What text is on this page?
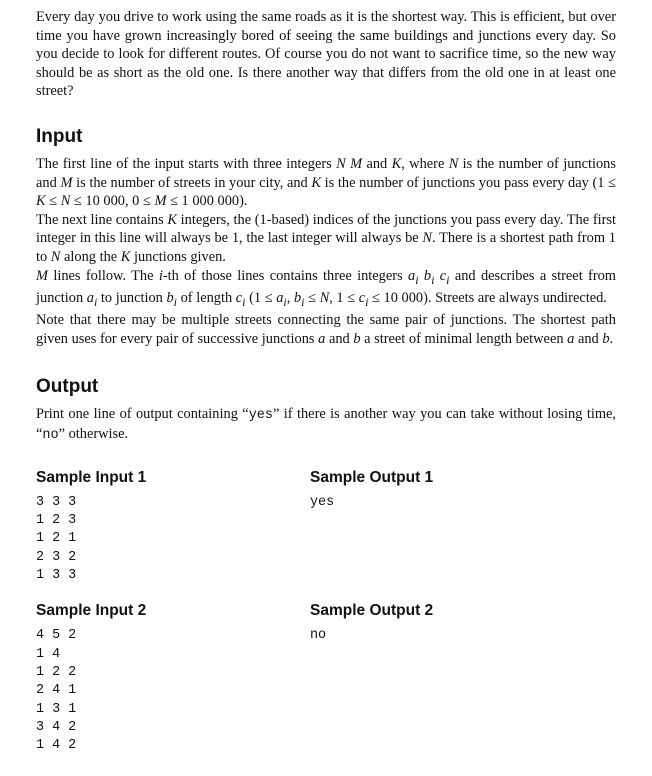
Every day you drive to work using the same roads as it is the shortest way. This is efficient, but over time you have grown increasingly bored of seeing the same buildings and junctions every day. So you decide to look for different routes. Of course you do not want to sacrifice time, so the new way should be as short as the old one. Is there another way that differs from the old one in at least one street?

Input

The first line of the input starts with three integers N M and K, where N is the number of junctions and M is the number of streets in your city, and K is the number of junctions you pass every day (1 ≤ K ≤ N ≤ 10 000, 0 ≤ M ≤ 1 000 000).
The next line contains K integers, the (1-based) indices of the junctions you pass every day. The first integer in this line will always be 1, the last integer will always be N. There is a shortest path from 1 to N along the K junctions given.
M lines follow. The i-th of those lines contains three integers $a_i$ $b_i$ $c_i$ and describes a street from junction $a_i$ to junction $b_i$ of length $c_i$ ($1 \le a_i$, $b_i \le N$, $1 \le c_i \le 10$ 000). Streets are always undirected.
Note that there may be multiple streets connecting the same pair of junctions. The shortest path given uses for every pair of successive junctions a and b a street of minimal length between a and b.

Output

Print one line of output containing “yes” if there is another way you can take without losing time, “no” otherwise.

Sample Input 1
3 3 3
1 2 3
1 2 1
2 3 2
1 3 3
Sample Output 1
yes
Sample Input 2
4 5 2
1 4
1 2 2
2 4 1
1 3 1
3 4 2
1 4 2
Sample Output 2
no
